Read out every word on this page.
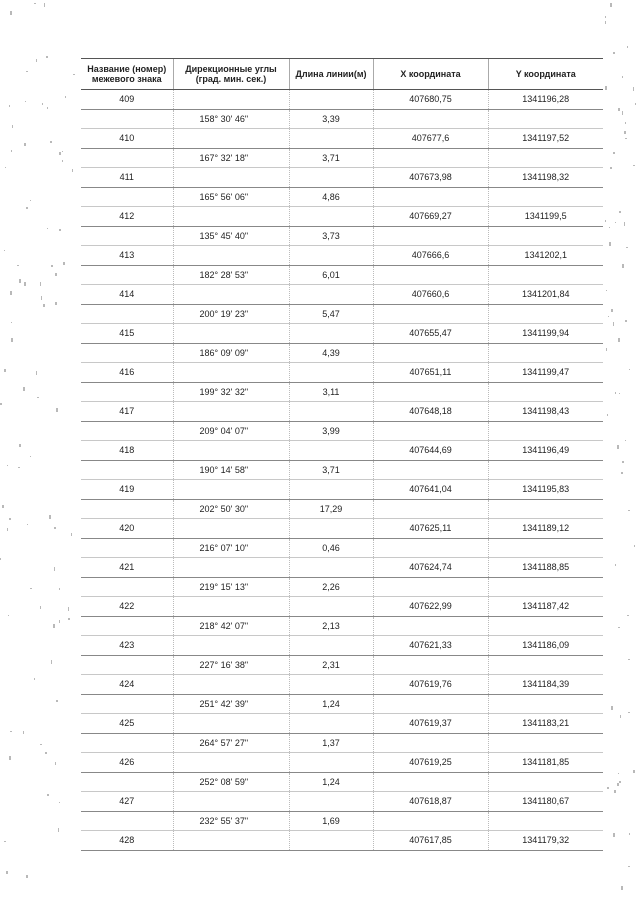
Название (номер) межевого знака	Дирекционные углы (град. мин. сек.)	Длина линии(м)	X координата	Y координата
409			407680,75	1341196,28
	158° 30' 46"	3,39		
410			407677,6	1341197,52
	167° 32' 18"	3,71		
411			407673,98	1341198,32
	165° 56' 06"	4,86		
412			407669,27	1341199,5
	135° 45' 40"	3,73		
413			407666,6	1341202,1
	182° 28' 53"	6,01		
414			407660,6	1341201,84
	200° 19' 23"	5,47		
415			407655,47	1341199,94
	186° 09' 09"	4,39		
416			407651,11	1341199,47
	199° 32' 32"	3,11		
417			407648,18	1341198,43
	209° 04' 07"	3,99		
418			407644,69	1341196,49
	190° 14' 58"	3,71		
419			407641,04	1341195,83
	202° 50' 30"	17,29		
420			407625,11	1341189,12
	216° 07' 10"	0,46		
421			407624,74	1341188,85
	219° 15' 13"	2,26		
422			407622,99	1341187,42
	218° 42' 07"	2,13		
423			407621,33	1341186,09
	227° 16' 38"	2,31		
424			407619,76	1341184,39
	251° 42' 39"	1,24		
425			407619,37	1341183,21
	264° 57' 27"	1,37		
426			407619,25	1341181,85
	252° 08' 59"	1,24		
427			407618,87	1341180,67
	232° 55' 37"	1,69		
428			407617,85	1341179,32
